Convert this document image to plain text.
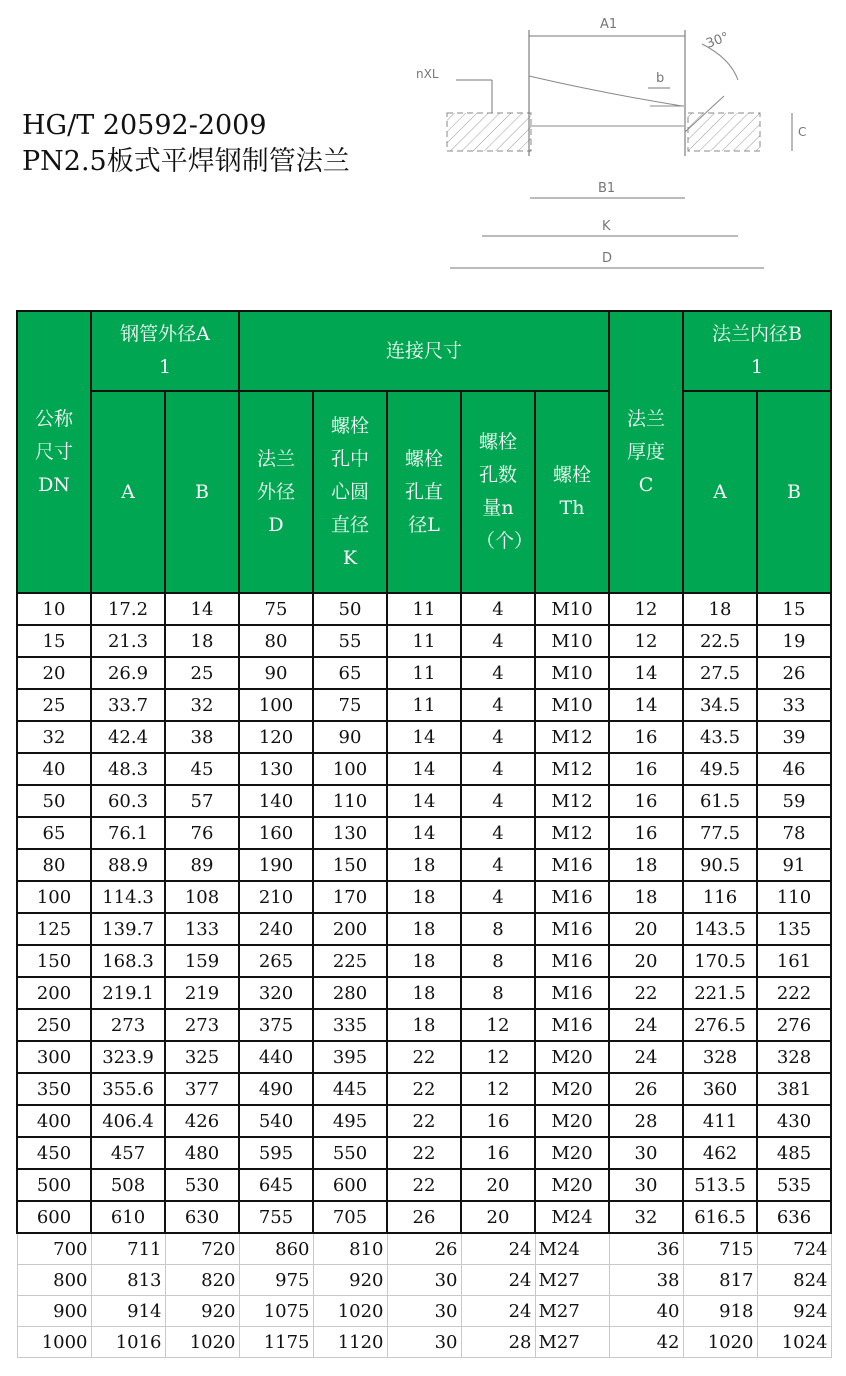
HG/T 20592-2009
PN2.5板式平焊钢制管法兰
A1
30°
b
nXL
B1
K
D
C
公称尺寸DN	钢管外径A1		连接尺寸					法兰厚度C	法兰内径B1	
	A	B	法兰外径D	螺栓孔中心圆直径K	螺栓孔直径L	螺栓孔数量n（个）	螺栓Th		A	B
10	17.2	14	75	50	11	4	M10	12	18	15
15	21.3	18	80	55	11	4	M10	12	22.5	19
20	26.9	25	90	65	11	4	M10	14	27.5	26
25	33.7	32	100	75	11	4	M10	14	34.5	33
32	42.4	38	120	90	14	4	M12	16	43.5	39
40	48.3	45	130	100	14	4	M12	16	49.5	46
50	60.3	57	140	110	14	4	M12	16	61.5	59
65	76.1	76	160	130	14	4	M12	16	77.5	78
80	88.9	89	190	150	18	4	M16	18	90.5	91
100	114.3	108	210	170	18	4	M16	18	116	110
125	139.7	133	240	200	18	8	M16	20	143.5	135
150	168.3	159	265	225	18	8	M16	20	170.5	161
200	219.1	219	320	280	18	8	M16	22	221.5	222
250	273	273	375	335	18	12	M16	24	276.5	276
300	323.9	325	440	395	22	12	M20	24	328	328
350	355.6	377	490	445	22	12	M20	26	360	381
400	406.4	426	540	495	22	16	M20	28	411	430
450	457	480	595	550	22	16	M20	30	462	485
500	508	530	645	600	22	20	M20	30	513.5	535
600	610	630	755	705	26	20	M24	32	616.5	636
700	711	720	860	810	26	24	M24	36	715	724
800	813	820	975	920	30	24	M27	38	817	824
900	914	920	1075	1020	30	24	M27	40	918	924
1000	1016	1020	1175	1120	30	28	M27	42	1020	1024
